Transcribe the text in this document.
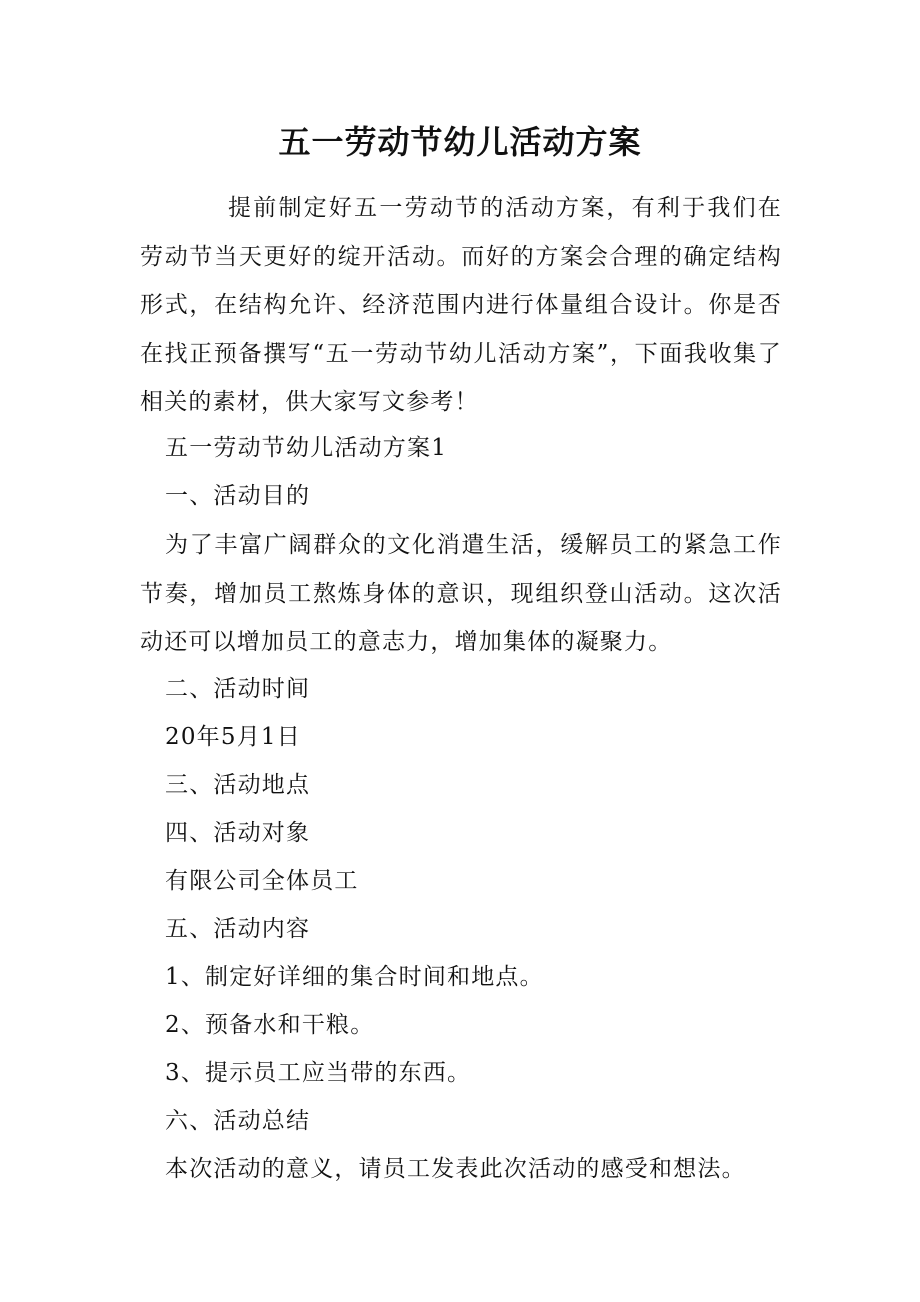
五一劳动节幼儿活动方案
提前制定好五一劳动节的活动方案，有利于我们在劳动节当天更好的绽开活动。而好的方案会合理的确定结构形式，在结构允许、经济范围内进行体量组合设计。你是否在找正预备撰写“五一劳动节幼儿活动方案”，下面我收集了相关的素材，供大家写文参考！
五一劳动节幼儿活动方案1
一、活动目的
为了丰富广阔群众的文化消遣生活，缓解员工的紧急工作节奏，增加员工熬炼身体的意识，现组织登山活动。这次活动还可以增加员工的意志力，增加集体的凝聚力。
二、活动时间
20年5月1日
三、活动地点
四、活动对象
有限公司全体员工
五、活动内容
1、制定好详细的集合时间和地点。
2、预备水和干粮。
3、提示员工应当带的东西。
六、活动总结
本次活动的意义，请员工发表此次活动的感受和想法。
